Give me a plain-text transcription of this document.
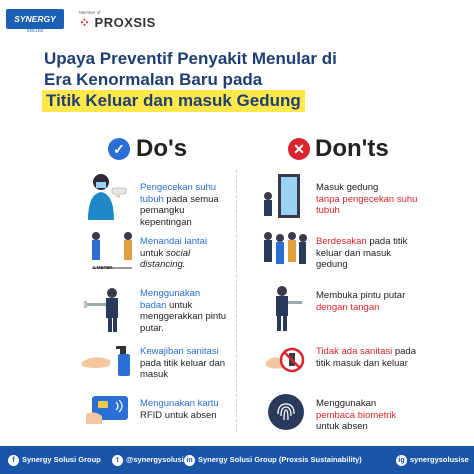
SYNERGY
SOLUSI
Member of
⁘ PROXSIS
Upaya Preventif Penyakit Menular di
Era Kenormalan Baru pada
Titik Keluar dan masuk Gedung
✓ Do's	✕ Don'ts
1 METER
Pengecekan suhu
tubuh pada semua pemangku kepentingan
Menandai lantai
untuk social distancing.
Menggunakan
badan untuk menggerakkan pintu putar.
Kewajiban sanitasi pada titik keluar dan masuk
Mengunakan kartu
RFID untuk absen
Masuk gedung
tanpa pengecekan suhu tubuh
Berdesakan pada titik keluar dan masuk gedung
Membuka pintu putar dengan tangan
Tidak ada sanitasi pada titik masuk dan keluar
Menggunakan
pembaca biometrik untuk absen
f Synergy Solusi Group	t @synergysolusi in Synergy Solusi Group (Proxsis Sustainability)	ig synergysolusise
